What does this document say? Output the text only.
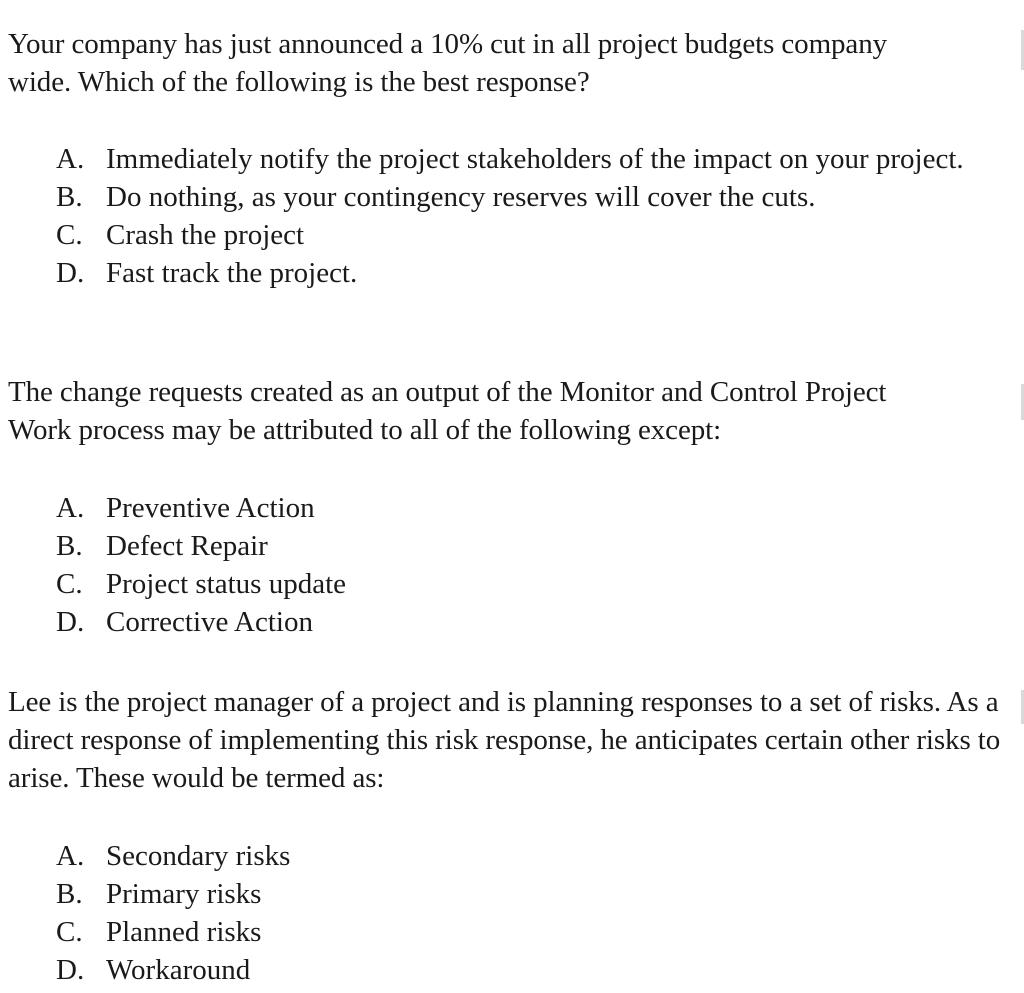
Your company has just announced a 10% cut in all project budgets company wide. Which of the following is the best response?

A. Immediately notify the project stakeholders of the impact on your project.
B. Do nothing, as your contingency reserves will cover the cuts.
C. Crash the project
D. Fast track the project.

The change requests created as an output of the Monitor and Control Project Work process may be attributed to all of the following except:

A. Preventive Action
B. Defect Repair
C. Project status update
D. Corrective Action

Lee is the project manager of a project and is planning responses to a set of risks. As a direct response of implementing this risk response, he anticipates certain other risks to arise. These would be termed as:

A. Secondary risks
B. Primary risks
C. Planned risks
D. Workaround
